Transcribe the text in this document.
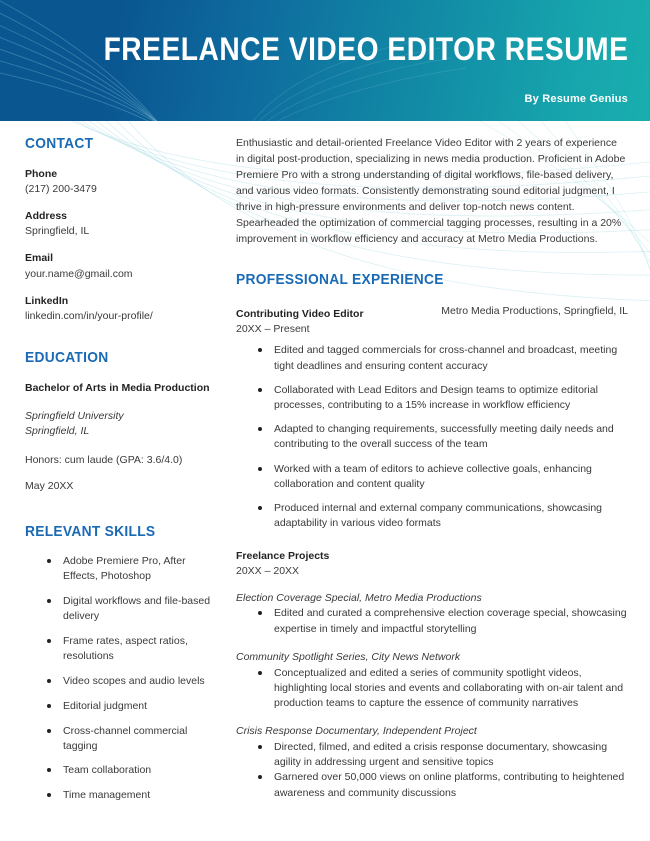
FREELANCE VIDEO EDITOR RESUME
By Resume Genius
CONTACT
Phone
(217) 200-3479
Address
Springfield, IL
Email
your.name@gmail.com
LinkedIn
linkedin.com/in/your-profile/
EDUCATION
Bachelor of Arts in Media Production
Springfield University
Springfield, IL
Honors: cum laude (GPA: 3.6/4.0)
May 20XX
RELEVANT SKILLS
Adobe Premiere Pro, After Effects, Photoshop
Digital workflows and file-based delivery
Frame rates, aspect ratios, resolutions
Video scopes and audio levels
Editorial judgment
Cross-channel commercial tagging
Team collaboration
Time management

Enthusiastic and detail-oriented Freelance Video Editor with 2 years of experience in digital post-production, specializing in news media production. Proficient in Adobe Premiere Pro with a strong understanding of digital workflows, file-based delivery, and various video formats. Consistently demonstrating sound editorial judgment, I thrive in high-pressure environments and deliver top-notch news content. Spearheaded the optimization of commercial tagging processes, resulting in a 20% improvement in workflow efficiency and accuracy at Metro Media Productions.

PROFESSIONAL EXPERIENCE
Contributing Video Editor	Metro Media Productions, Springfield, IL
20XX – Present
Edited and tagged commercials for cross-channel and broadcast, meeting tight deadlines and ensuring content accuracy
Collaborated with Lead Editors and Design teams to optimize editorial processes, contributing to a 15% increase in workflow efficiency
Adapted to changing requirements, successfully meeting daily needs and contributing to the overall success of the team
Worked with a team of editors to achieve collective goals, enhancing collaboration and content quality
Produced internal and external company communications, showcasing adaptability in various video formats
Freelance Projects
20XX – 20XX
Election Coverage Special, Metro Media Productions
Edited and curated a comprehensive election coverage special, showcasing expertise in timely and impactful storytelling
Community Spotlight Series, City News Network
Conceptualized and edited a series of community spotlight videos, highlighting local stories and events and collaborating with on-air talent and production teams to capture the essence of community narratives
Crisis Response Documentary, Independent Project
Directed, filmed, and edited a crisis response documentary, showcasing agility in addressing urgent and sensitive topics
Garnered over 50,000 views on online platforms, contributing to heightened awareness and community discussions
